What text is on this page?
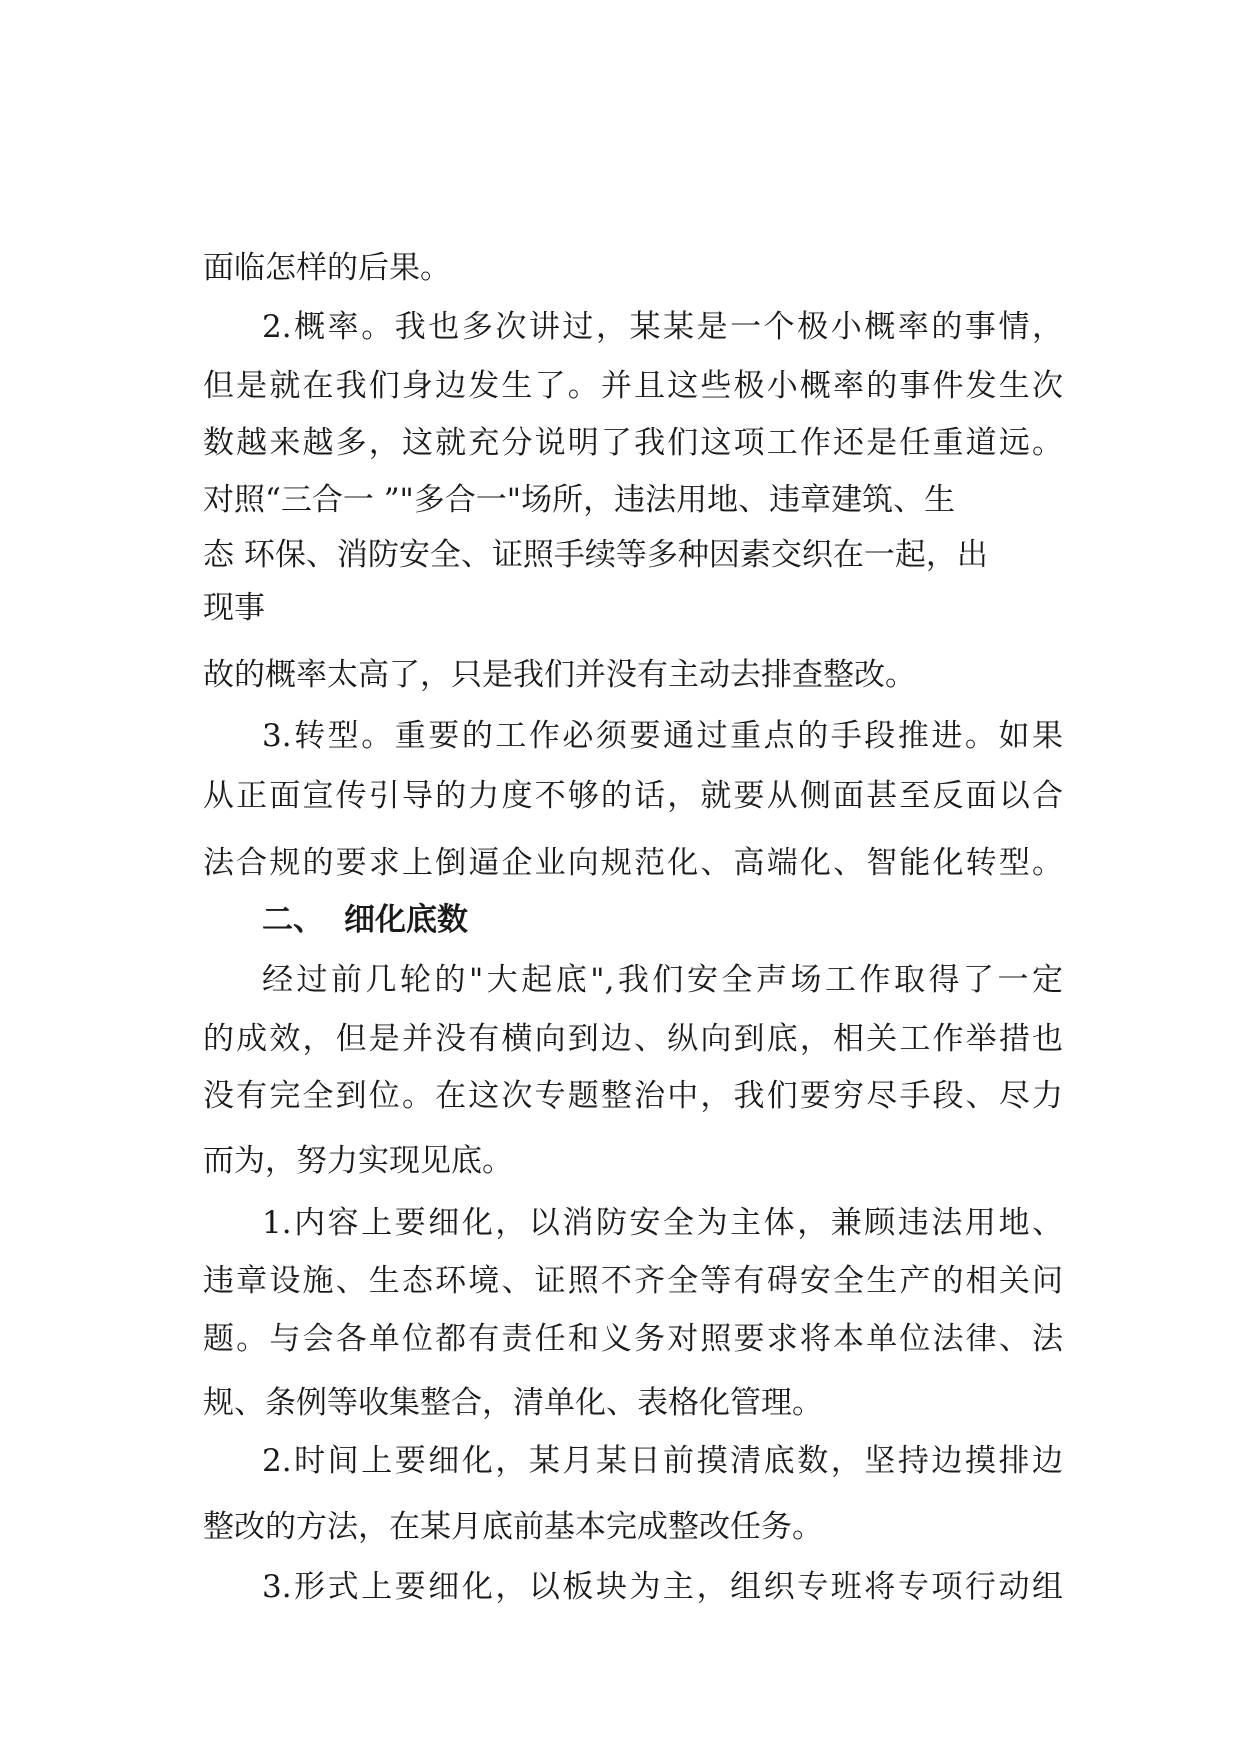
面临怎样的后果。
2.概率。我也多次讲过，某某是一个极小概率的事情，
但是就在我们身边发生了。并且这些极小概率的事件发生次
数越来越多，这就充分说明了我们这项工作还是任重道远。
对照“三合一 ”"多合一"场所，违法用地、违章建筑、生
态 环保、消防安全、证照手续等多种因素交织在一起，出
现事
故的概率太高了，只是我们并没有主动去排查整改。
3.转型。重要的工作必须要通过重点的手段推进。如果
从正面宣传引导的力度不够的话，就要从侧面甚至反面以合
法合规的要求上倒逼企业向规范化、高端化、智能化转型。
二、 细化底数
经过前几轮的"大起底",我们安全声场工作取得了一定
的成效，但是并没有横向到边、纵向到底，相关工作举措也
没有完全到位。在这次专题整治中，我们要穷尽手段、尽力
而为，努力实现见底。
1.内容上要细化，以消防安全为主体，兼顾违法用地、
违章设施、生态环境、证照不齐全等有碍安全生产的相关问
题。与会各单位都有责任和义务对照要求将本单位法律、法
规、条例等收集整合，清单化、表格化管理。
2.时间上要细化，某月某日前摸清底数，坚持边摸排边
整改的方法，在某月底前基本完成整改任务。
3.形式上要细化，以板块为主，组织专班将专项行动组
